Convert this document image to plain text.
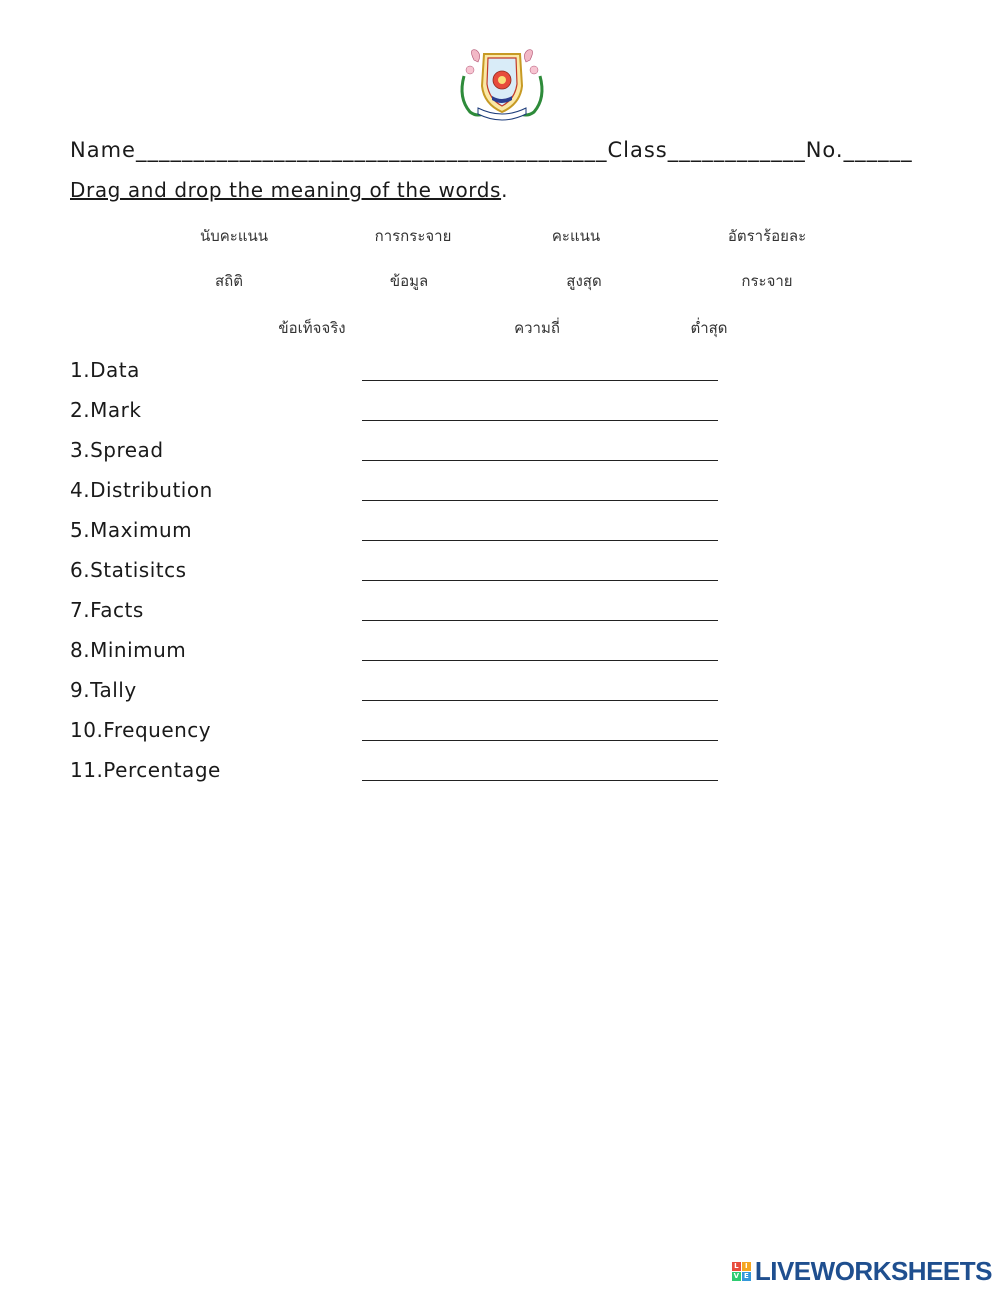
Name_________________________________________Class____________No.______
Drag and drop the meaning of the words.
นับคะแนน	การกระจาย	คะแนน	อัตราร้อยละ
สถิติ	ข้อมูล	สูงสุด	กระจาย
ข้อเท็จจริง	ความถี่	ต่ำสุด
1.Data
2.Mark
3.Spread
4.Distribution
5.Maximum
6.Statisitcs
7.Facts
8.Minimum
9.Tally
10.Frequency
11.Percentage
L I
V E LIVEWORKSHEETS
